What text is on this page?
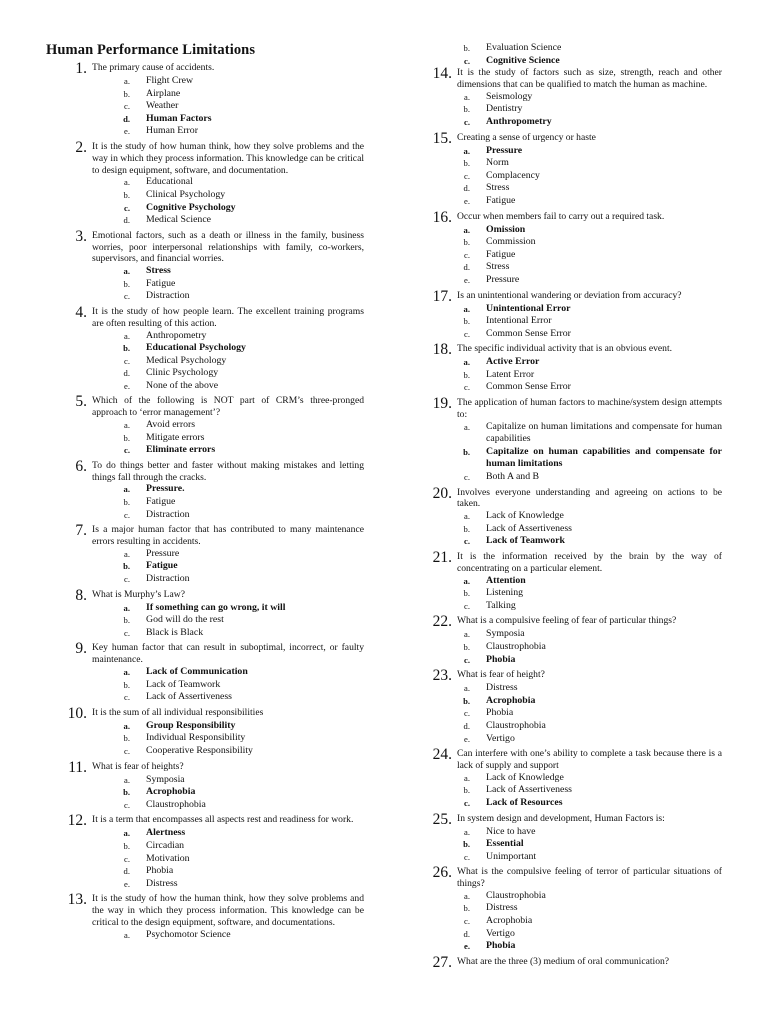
Human Performance Limitations
1. The primary cause of accidents.
a.	Flight Crew
b.	Airplane
c.	Weather
d.	Human Factors
e.	Human Error
2. It is the study of how human think, how they solve problems and the way in which they process information. This knowledge can be critical to design equipment, software, and documentation.
a.	Educational
b.	Clinical Psychology
c.	Cognitive Psychology
d.	Medical Science
3. Emotional factors, such as a death or illness in the family, business worries, poor interpersonal relationships with family, co-workers, supervisors, and financial worries.
a.	Stress
b.	Fatigue
c.	Distraction
4. It is the study of how people learn. The excellent training programs are often resulting of this action.
a.	Anthropometry
b.	Educational Psychology
c.	Medical Psychology
d.	Clinic Psychology
e.	None of the above
5. Which of the following is NOT part of CRM’s three-pronged approach to ‘error management’?
a.	Avoid errors
b.	Mitigate errors
c.	Eliminate errors
6. To do things better and faster without making mistakes and letting things fall through the cracks.
a.	Pressure.
b.	Fatigue
c.	Distraction
7. Is a major human factor that has contributed to many maintenance errors resulting in accidents.
a.	Pressure
b.	Fatigue
c.	Distraction
8. What is Murphy’s Law?
a.	If something can go wrong, it will
b.	God will do the rest
c.	Black is Black
9. Key human factor that can result in suboptimal, incorrect, or faulty maintenance.
a.	Lack of Communication
b.	Lack of Teamwork
c.	Lack of Assertiveness
10. It is the sum of all individual responsibilities
a.	Group Responsibility
b.	Individual Responsibility
c.	Cooperative Responsibility
11. What is fear of heights?
a.	Symposia
b.	Acrophobia
c.	Claustrophobia
12. It is a term that encompasses all aspects rest and readiness for work.
a.	Alertness
b.	Circadian
c.	Motivation
d.	Phobia
e.	Distress
13. It is the study of how the human think, how they solve problems and the way in which they process information. This knowledge can be critical to the design equipment, software, and documentations.
a.	Psychomotor Science
b.	Evaluation Science
c.	Cognitive Science
14. It is the study of factors such as size, strength, reach and other dimensions that can be qualified to match the human as machine.
a.	Seismology
b.	Dentistry
c.	Anthropometry
15. Creating a sense of urgency or haste
a.	Pressure
b.	Norm
c.	Complacency
d.	Stress
e.	Fatigue
16. Occur when members fail to carry out a required task.
a.	Omission
b.	Commission
c.	Fatigue
d.	Stress
e.	Pressure
17. Is an unintentional wandering or deviation from accuracy?
a.	Unintentional Error
b.	Intentional Error
c.	Common Sense Error
18. The specific individual activity that is an obvious event.
a.	Active Error
b.	Latent Error
c.	Common Sense Error
19. The application of human factors to machine/system design attempts to:
a.	Capitalize on human limitations and compensate for human capabilities
b.	Capitalize on human capabilities and compensate for human limitations
c.	Both A and B
20. Involves everyone understanding and agreeing on actions to be taken.
a.	Lack of Knowledge
b.	Lack of Assertiveness
c.	Lack of Teamwork
21. It is the information received by the brain by the way of concentrating on a particular element.
a.	Attention
b.	Listening
c.	Talking
22. What is a compulsive feeling of fear of particular things?
a.	Symposia
b.	Claustrophobia
c.	Phobia
23. What is fear of height?
a.	Distress
b.	Acrophobia
c.	Phobia
d.	Claustrophobia
e.	Vertigo
24. Can interfere with one’s ability to complete a task because there is a lack of supply and support
a.	Lack of Knowledge
b.	Lack of Assertiveness
c.	Lack of Resources
25. In system design and development, Human Factors is:
a.	Nice to have
b.	Essential
c.	Unimportant
26. What is the compulsive feeling of terror of particular situations of things?
a.	Claustrophobia
b.	Distress
c.	Acrophobia
d.	Vertigo
e.	Phobia
27. What are the three (3) medium of oral communication?
